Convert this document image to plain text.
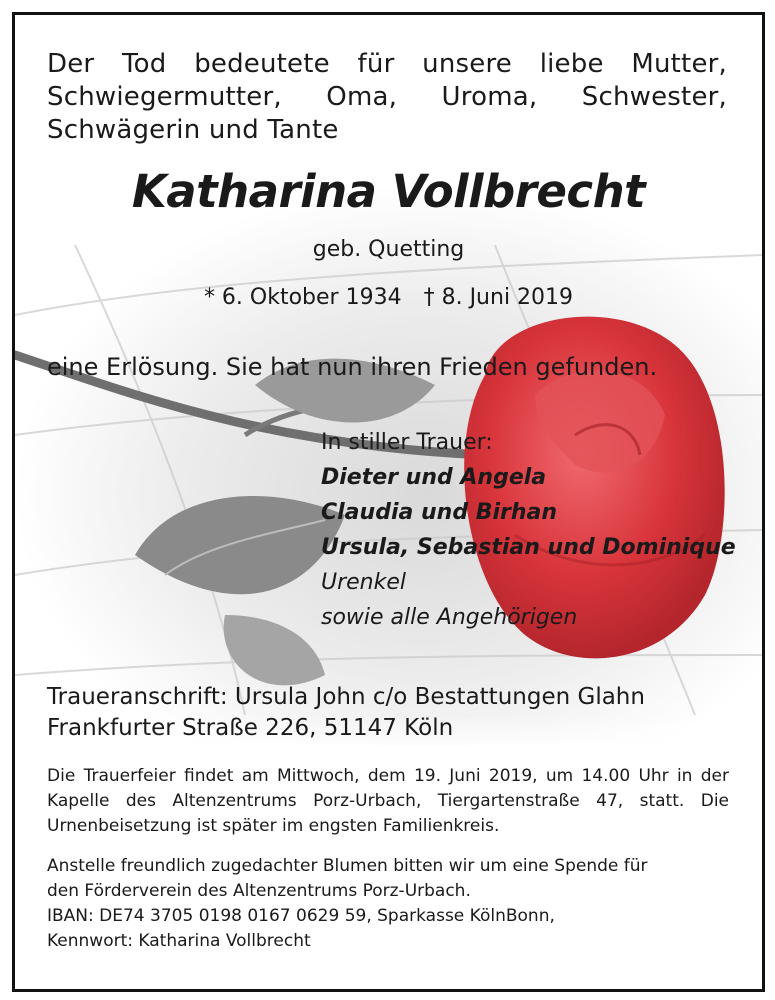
Der Tod bedeutete für unsere liebe Mutter, Schwiegermutter, Oma, Uroma, Schwester, Schwägerin und Tante
Katharina Vollbrecht
geb. Quetting
* 6. Oktober 1934 † 8. Juni 2019
eine Erlösung. Sie hat nun ihren Frieden gefunden.
In stiller Trauer:
Dieter und Angela
Claudia und Birhan
Ursula, Sebastian und Dominique
Urenkel
sowie alle Angehörigen
Traueranschrift: Ursula John c/o Bestattungen Glahn
Frankfurter Straße 226, 51147 Köln
Die Trauerfeier findet am Mittwoch, dem 19. Juni 2019, um 14.00 Uhr in der Kapelle des Altenzentrums Porz-Urbach, Tiergartenstraße 47, statt. Die Urnenbeisetzung ist später im engsten Familienkreis.
Anstelle freundlich zugedachter Blumen bitten wir um eine Spende für
den Förderverein des Altenzentrums Porz-Urbach.
IBAN: DE74 3705 0198 0167 0629 59, Sparkasse KölnBonn,
Kennwort: Katharina Vollbrecht
